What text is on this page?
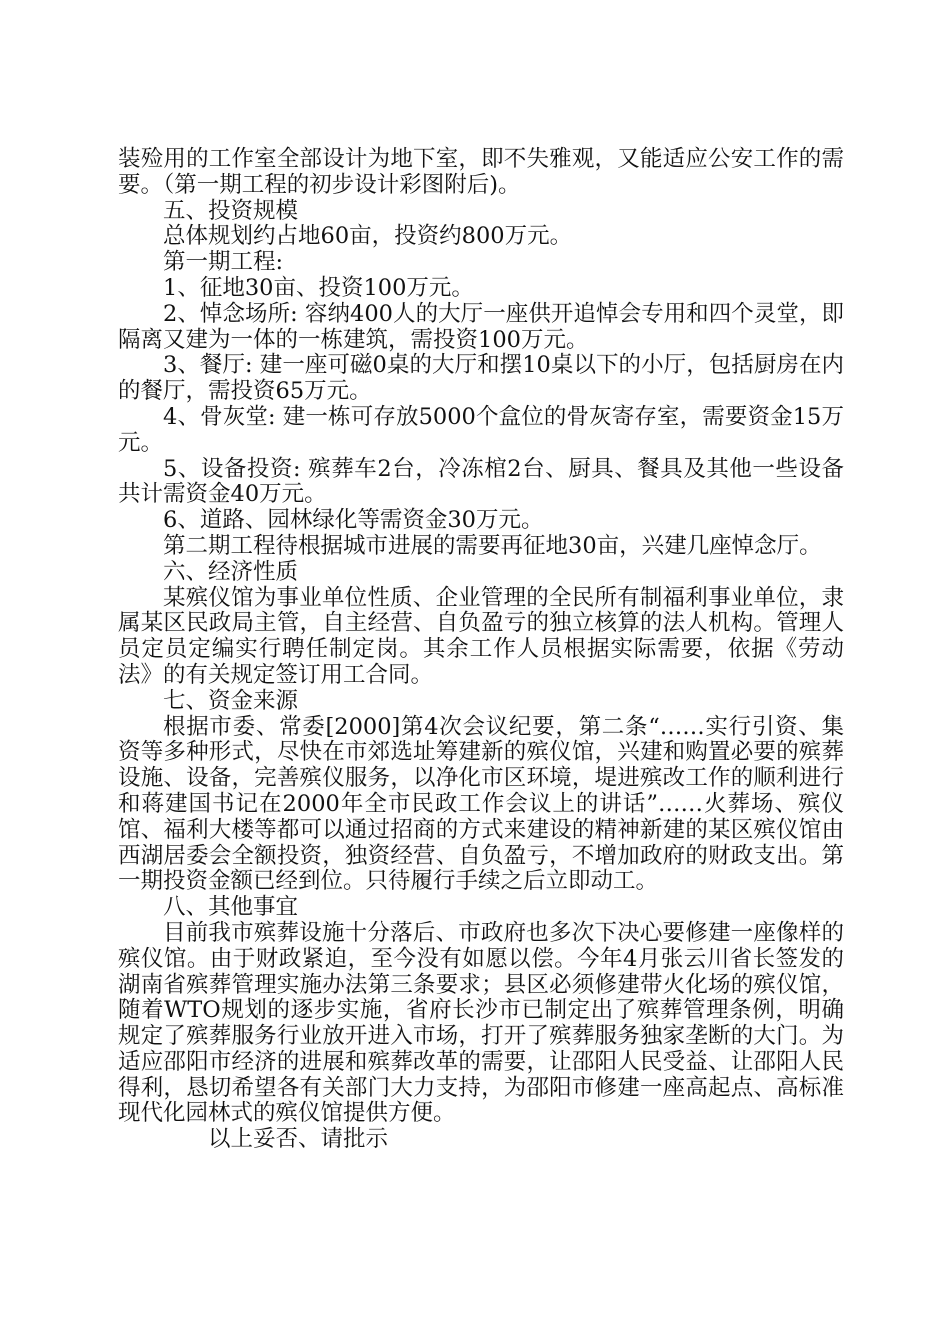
装殓用的工作室全部设计为地下室，即不失雅观，又能适应公安工作的需要。（第一期工程的初步设计彩图附后)。

五、投资规模

总体规划约占地60亩，投资约800万元。

第一期工程:

1、征地30亩、投资100万元。

2、悼念场所: 容纳400人的大厅一座供开追悼会专用和四个灵堂，即隔离又建为一体的一栋建筑，需投资100万元。

3、餐厅: 建一座可磁0桌的大厅和摆10桌以下的小厅，包括厨房在内的餐厅，需投资65万元。

4、骨灰堂: 建一栋可存放5000个盒位的骨灰寄存室，需要资金15万元。

5、设备投资: 殡葬车2台，冷冻棺2台、厨具、餐具及其他一些设备共计需资金40万元。

6、道路、园林绿化等需资金30万元。

第二期工程待根据城市进展的需要再征地30亩，兴建几座悼念厅。

六、经济性质

某殡仪馆为事业单位性质、企业管理的全民所有制福利事业单位，隶属某区民政局主管，自主经营、自负盈亏的独立核算的法人机构。管理人员定员定编实行聘任制定岗。其余工作人员根据实际需要，依据《劳动法》的有关规定签订用工合同。

七、资金来源

根据市委、常委[2000]第4次会议纪要，第二条“……实行引资、集资等多种形式，尽快在市郊选址筹建新的殡仪馆，兴建和购置必要的殡葬设施、设备，完善殡仪服务，以净化市区环境，堤进殡改工作的顺利进行和蒋建国书记在2000年全市民政工作会议上的讲话”……火葬场、殡仪馆、福利大楼等都可以通过招商的方式来建设的精神新建的某区殡仪馆由西湖居委会全额投资，独资经营、自负盈亏，不增加政府的财政支出。第一期投资金额已经到位。只待履行手续之后立即动工。

八、其他事宜

目前我市殡葬设施十分落后、市政府也多次下决心要修建一座像样的殡仪馆。由于财政紧迫，至今没有如愿以偿。今年4月张云川省长签发的湖南省殡葬管理实施办法第三条要求；县区必须修建带火化场的殡仪馆，随着WTO规划的逐步实施，省府长沙市已制定出了殡葬管理条例，明确规定了殡葬服务行业放开进入市场，打开了殡葬服务独家垄断的大门。为适应邵阳市经济的进展和殡葬改革的需要，让邵阳人民受益、让邵阳人民得利，恳切希望各有关部门大力支持，为邵阳市修建一座高起点、高标准现代化园林式的殡仪馆提供方便。

以上妥否、请批示
